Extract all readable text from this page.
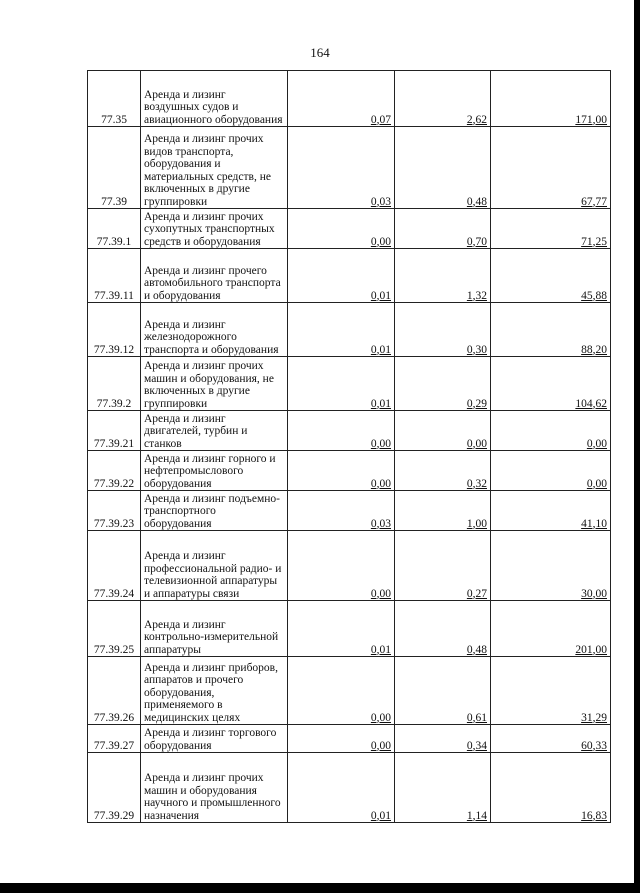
164
77.35	Аренда и лизинг воздушных судов и авиационного оборудования	0,07	2,62	171,00
77.39	Аренда и лизинг прочих видов транспорта, оборудования и материальных средств, не включенных в другие группировки	0,03	0,48	67,77
77.39.1	Аренда и лизинг прочих сухопутных транспортных средств и оборудования	0,00	0,70	71,25
77.39.11	Аренда и лизинг прочего автомобильного транспорта и оборудования	0,01	1,32	45,88
77.39.12	Аренда и лизинг железнодорожного транспорта и оборудования	0,01	0,30	88,20
77.39.2	Аренда и лизинг прочих машин и оборудования, не включенных в другие группировки	0,01	0,29	104,62
77.39.21	Аренда и лизинг двигателей, турбин и станков	0,00	0,00	0,00
77.39.22	Аренда и лизинг горного и нефтепромыслового оборудования	0,00	0,32	0,00
77.39.23	Аренда и лизинг подъемно-транспортного оборудования	0,03	1,00	41,10
77.39.24	Аренда и лизинг профессиональной радио- и телевизионной аппаратуры и аппаратуры связи	0,00	0,27	30,00
77.39.25	Аренда и лизинг контрольно-измерительной аппаратуры	0,01	0,48	201,00
77.39.26	Аренда и лизинг приборов, аппаратов и прочего оборудования, применяемого в медицинских целях	0,00	0,61	31,29
77.39.27	Аренда и лизинг торгового оборудования	0,00	0,34	60,33
77.39.29	Аренда и лизинг прочих машин и оборудования научного и промышленного назначения	0,01	1,14	16,83
